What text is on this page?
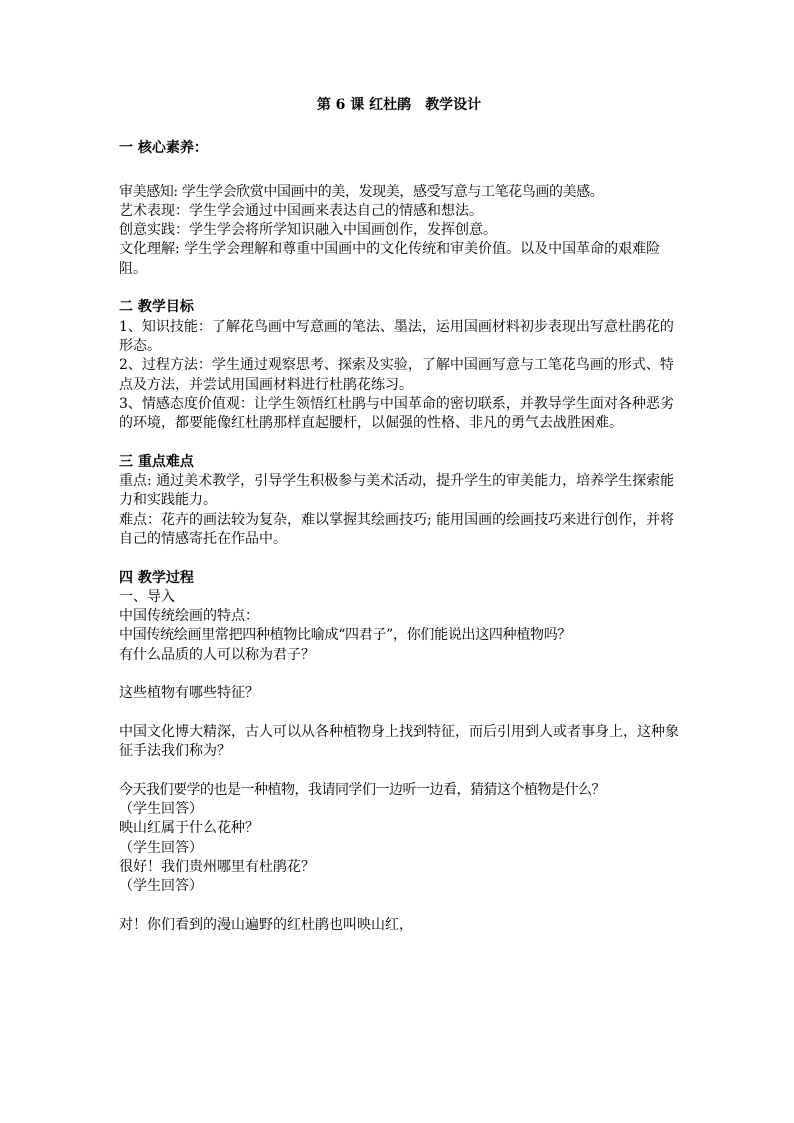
第 6 课 红杜鹃 教学设计
一 核心素养：
审美感知: 学生学会欣赏中国画中的美，发现美，感受写意与工笔花鸟画的美感。
艺术表现：学生学会通过中国画来表达自己的情感和想法。
创意实践：学生学会将所学知识融入中国画创作，发挥创意。
文化理解: 学生学会理解和尊重中国画中的文化传统和审美价值。以及中国革命的艰难险阻。
二 教学目标
1、知识技能：了解花鸟画中写意画的笔法、墨法，运用国画材料初步表现出写意杜鹃花的形态。
2、过程方法：学生通过观察思考、探索及实验，了解中国画写意与工笔花鸟画的形式、特点及方法，并尝试用国画材料进行杜鹃花练习。
3、情感态度价值观：让学生领悟红杜鹃与中国革命的密切联系，并教导学生面对各种恶劣的环境，都要能像红杜鹃那样直起腰杆，以倔强的性格、非凡的勇气去战胜困难。
三 重点难点
重点: 通过美术教学，引导学生积极参与美术活动，提升学生的审美能力，培养学生探索能力和实践能力。
难点：花卉的画法较为复杂，难以掌握其绘画技巧; 能用国画的绘画技巧来进行创作，并将自己的情感寄托在作品中。
四 教学过程
一、导入
中国传统绘画的特点：
中国传统绘画里常把四种植物比喻成“四君子”，你们能说出这四种植物吗？
有什么品质的人可以称为君子？
这些植物有哪些特征？
中国文化博大精深，古人可以从各种植物身上找到特征，而后引用到人或者事身上，这种象征手法我们称为？
今天我们要学的也是一种植物，我请同学们一边听一边看，猜猜这个植物是什么？
（学生回答）
映山红属于什么花种？
（学生回答）
很好！我们贵州哪里有杜鹃花？
（学生回答）
对！你们看到的漫山遍野的红杜鹃也叫映山红，
